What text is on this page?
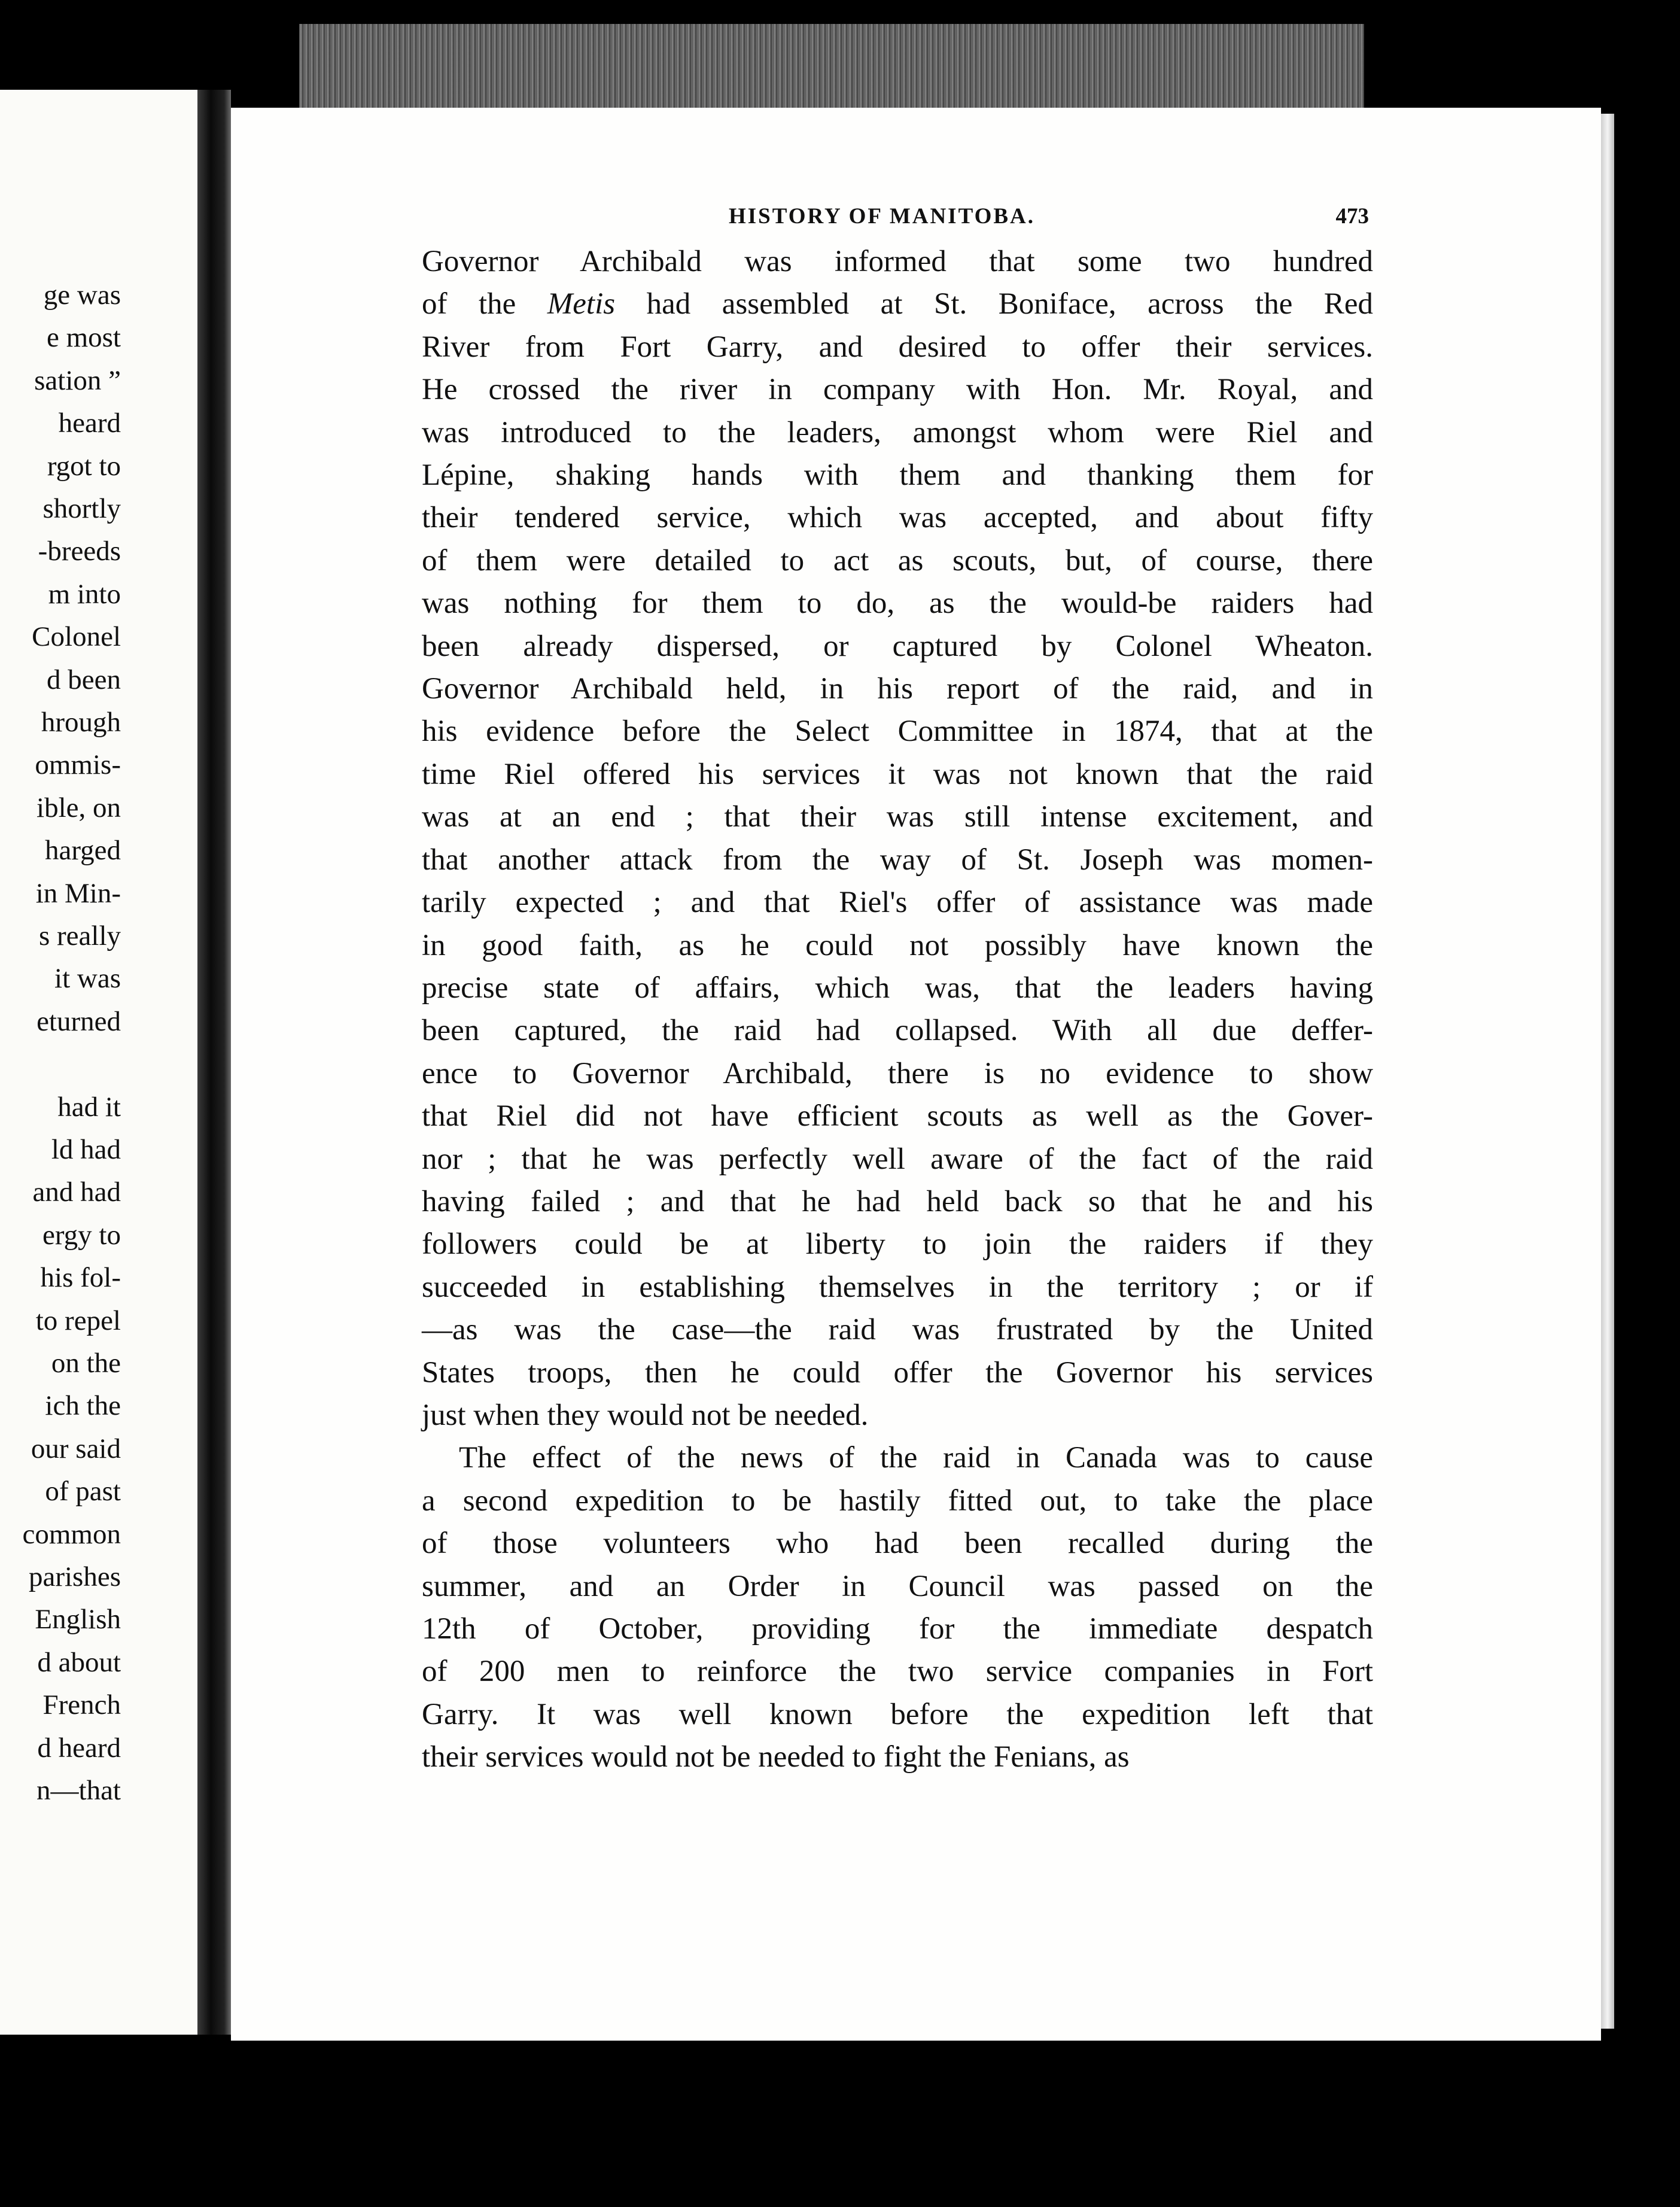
ge was
e most
sation ”
heard
rgot to
shortly
-breeds
m into
Colonel
d been
hrough
ommis-
ible, on
harged
in Min-
s really
it was
eturned
had it
ld had
and had
ergy to
his fol-
to repel
on the
ich the
our said
of past
common
parishes
English
d about
French
d heard
n—that
HISTORY OF MANITOBA.	473
Governor Archibald was informed that some two hundred
of the Metis had assembled at St. Boniface, across the Red
River from Fort Garry, and desired to offer their services.
He crossed the river in company with Hon. Mr. Royal, and
was introduced to the leaders, amongst whom were Riel and
Lépine, shaking hands with them and thanking them for
their tendered service, which was accepted, and about fifty
of them were detailed to act as scouts, but, of course, there
was nothing for them to do, as the would-be raiders had
been already dispersed, or captured by Colonel Wheaton.
Governor Archibald held, in his report of the raid, and in
his evidence before the Select Committee in 1874, that at the
time Riel offered his services it was not known that the raid
was at an end ; that their was still intense excitement, and
that another attack from the way of St. Joseph was momen-
tarily expected ; and that Riel's offer of assistance was made
in good faith, as he could not possibly have known the
precise state of affairs, which was, that the leaders having
been captured, the raid had collapsed. With all due deffer-
ence to Governor Archibald, there is no evidence to show
that Riel did not have efficient scouts as well as the Gover-
nor ; that he was perfectly well aware of the fact of the raid
having failed ; and that he had held back so that he and his
followers could be at liberty to join the raiders if they
succeeded in establishing themselves in the territory ; or if
—as was the case—the raid was frustrated by the United
States troops, then he could offer the Governor his services
just when they would not be needed.
The effect of the news of the raid in Canada was to cause
a second expedition to be hastily fitted out, to take the place
of those volunteers who had been recalled during the
summer, and an Order in Council was passed on the
12th of October, providing for the immediate despatch
of 200 men to reinforce the two service companies in Fort
Garry. It was well known before the expedition left that
their services would not be needed to fight the Fenians, as
